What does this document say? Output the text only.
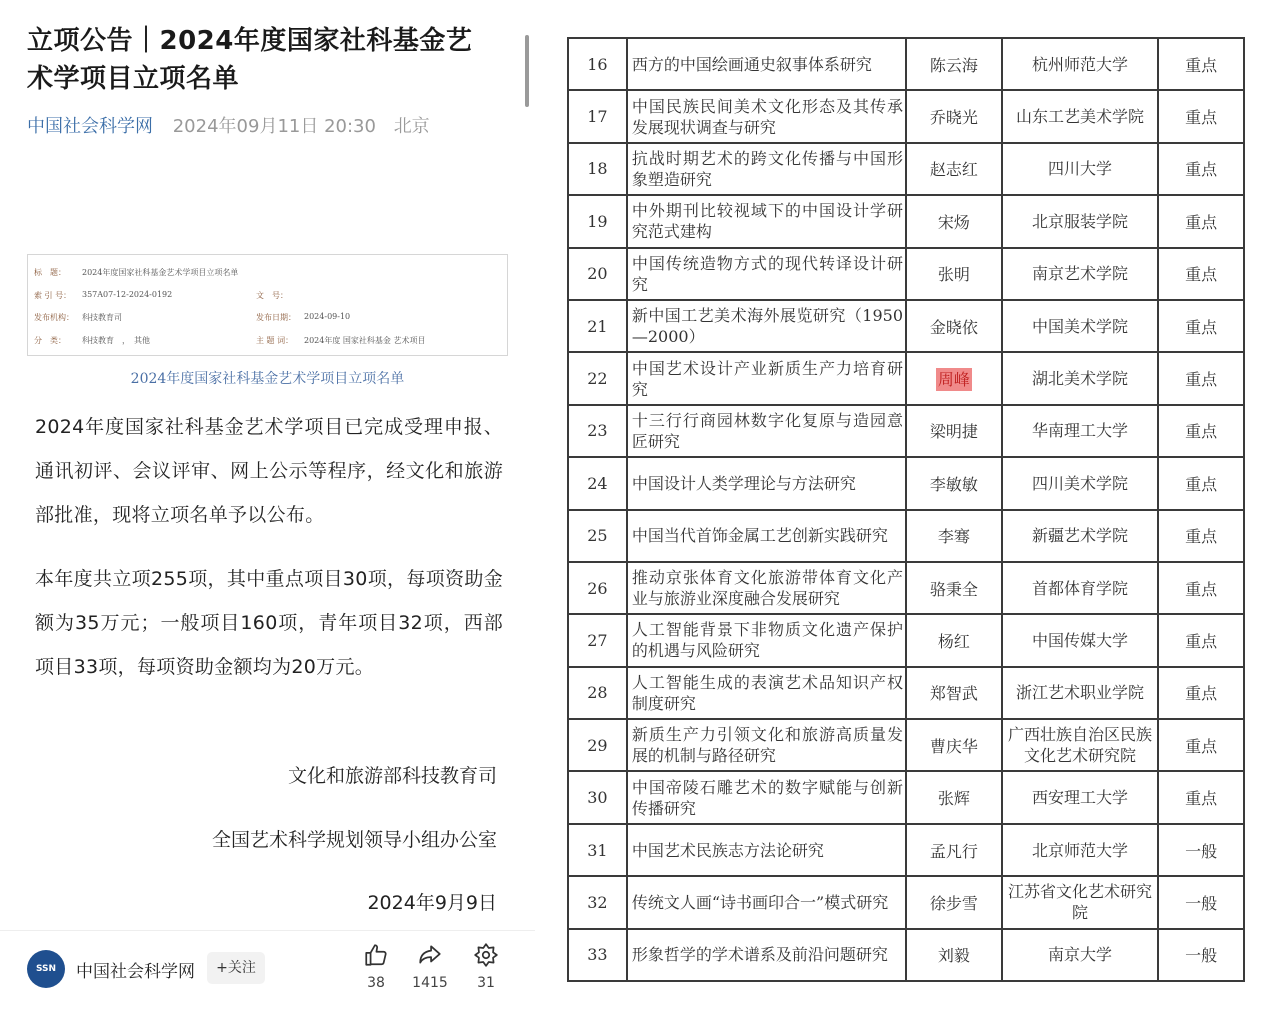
立项公告｜2024年度国家社科基金艺术学项目立项名单
中国社会科学网 2024年09月11日 20:30 北京
标　题： 2024年度国家社科基金艺术学项目立项名单
索 引 号： 357A07-12-2024-0192	文　号：
发布机构： 科技教育司	发布日期： 2024-09-10
分　类： 科技教育　，　其他	主 题 词： 2024年度 国家社科基金 艺术项目
2024年度国家社科基金艺术学项目立项名单

2024年度国家社科基金艺术学项目已完成受理申报、通讯初评、会议评审、网上公示等程序，经文化和旅游部批准，现将立项名单予以公布。

本年度共立项255项，其中重点项目30项，每项资助金额为35万元；一般项目160项，青年项目32项，西部项目33项，每项资助金额均为20万元。

文化和旅游部科技教育司
全国艺术科学规划领导小组办公室
2024年9月9日
SSN	中国社会科学网	+关注
38	1415	31
16	西方的中国绘画通史叙事体系研究	陈云海	杭州师范大学	重点
17	中国民族民间美术文化形态及其传承发展现状调查与研究	乔晓光	山东工艺美术学院	重点
18	抗战时期艺术的跨文化传播与中国形象塑造研究	赵志红	四川大学	重点
19	中外期刊比较视域下的中国设计学研究范式建构	宋炀	北京服装学院	重点
20	中国传统造物方式的现代转译设计研究	张明	南京艺术学院	重点
21	新中国工艺美术海外展览研究（1950—2000）	金晓依	中国美术学院	重点
22	中国艺术设计产业新质生产力培育研究	周峰	湖北美术学院	重点
23	十三行行商园林数字化复原与造园意匠研究	梁明捷	华南理工大学	重点
24	中国设计人类学理论与方法研究	李敏敏	四川美术学院	重点
25	中国当代首饰金属工艺创新实践研究	李骞	新疆艺术学院	重点
26	推动京张体育文化旅游带体育文化产业与旅游业深度融合发展研究	骆秉全	首都体育学院	重点
27	人工智能背景下非物质文化遗产保护的机遇与风险研究	杨红	中国传媒大学	重点
28	人工智能生成的表演艺术品知识产权制度研究	郑智武	浙江艺术职业学院	重点
29	新质生产力引领文化和旅游高质量发展的机制与路径研究	曹庆华	广西壮族自治区民族文化艺术研究院	重点
30	中国帝陵石雕艺术的数字赋能与创新传播研究	张辉	西安理工大学	重点
31	中国艺术民族志方法论研究	孟凡行	北京师范大学	一般
32	传统文人画“诗书画印合一”模式研究	徐步雪	江苏省文化艺术研究院	一般
33	形象哲学的学术谱系及前沿问题研究	刘毅	南京大学	一般
